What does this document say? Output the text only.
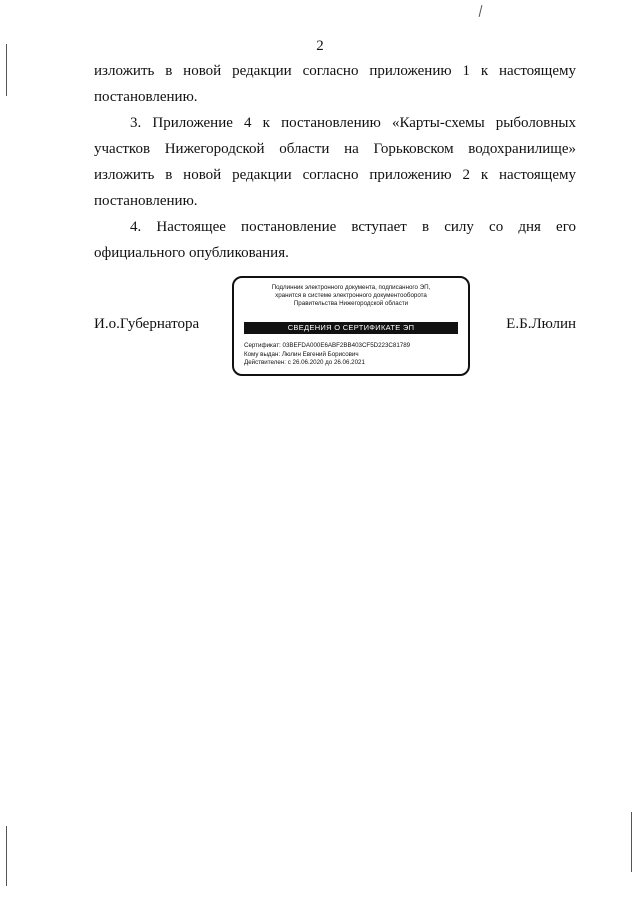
2
изложить в новой редакции согласно приложению 1 к настоящему
постановлению.
3. Приложение 4 к постановлению «Карты-схемы рыболовных
участков Нижегородской области на Горьковском водохранилище»
изложить в новой редакции согласно приложению 2 к настоящему
постановлению.
4. Настоящее постановление вступает в силу со дня его
официального опубликования.
И.о.Губернатора	Е.Б.Люлин
Подлинник электронного документа, подписанного ЭП,
хранится в системе электронного документооборота
Правительства Нижегородской области
СВЕДЕНИЯ О СЕРТИФИКАТЕ ЭП
Сертификат: 03BEFDA000E6ABF2BB403CF5D223C81789
Кому выдан: Люлин Евгений Борисович
Действителен: с 26.06.2020 до 26.06.2021
